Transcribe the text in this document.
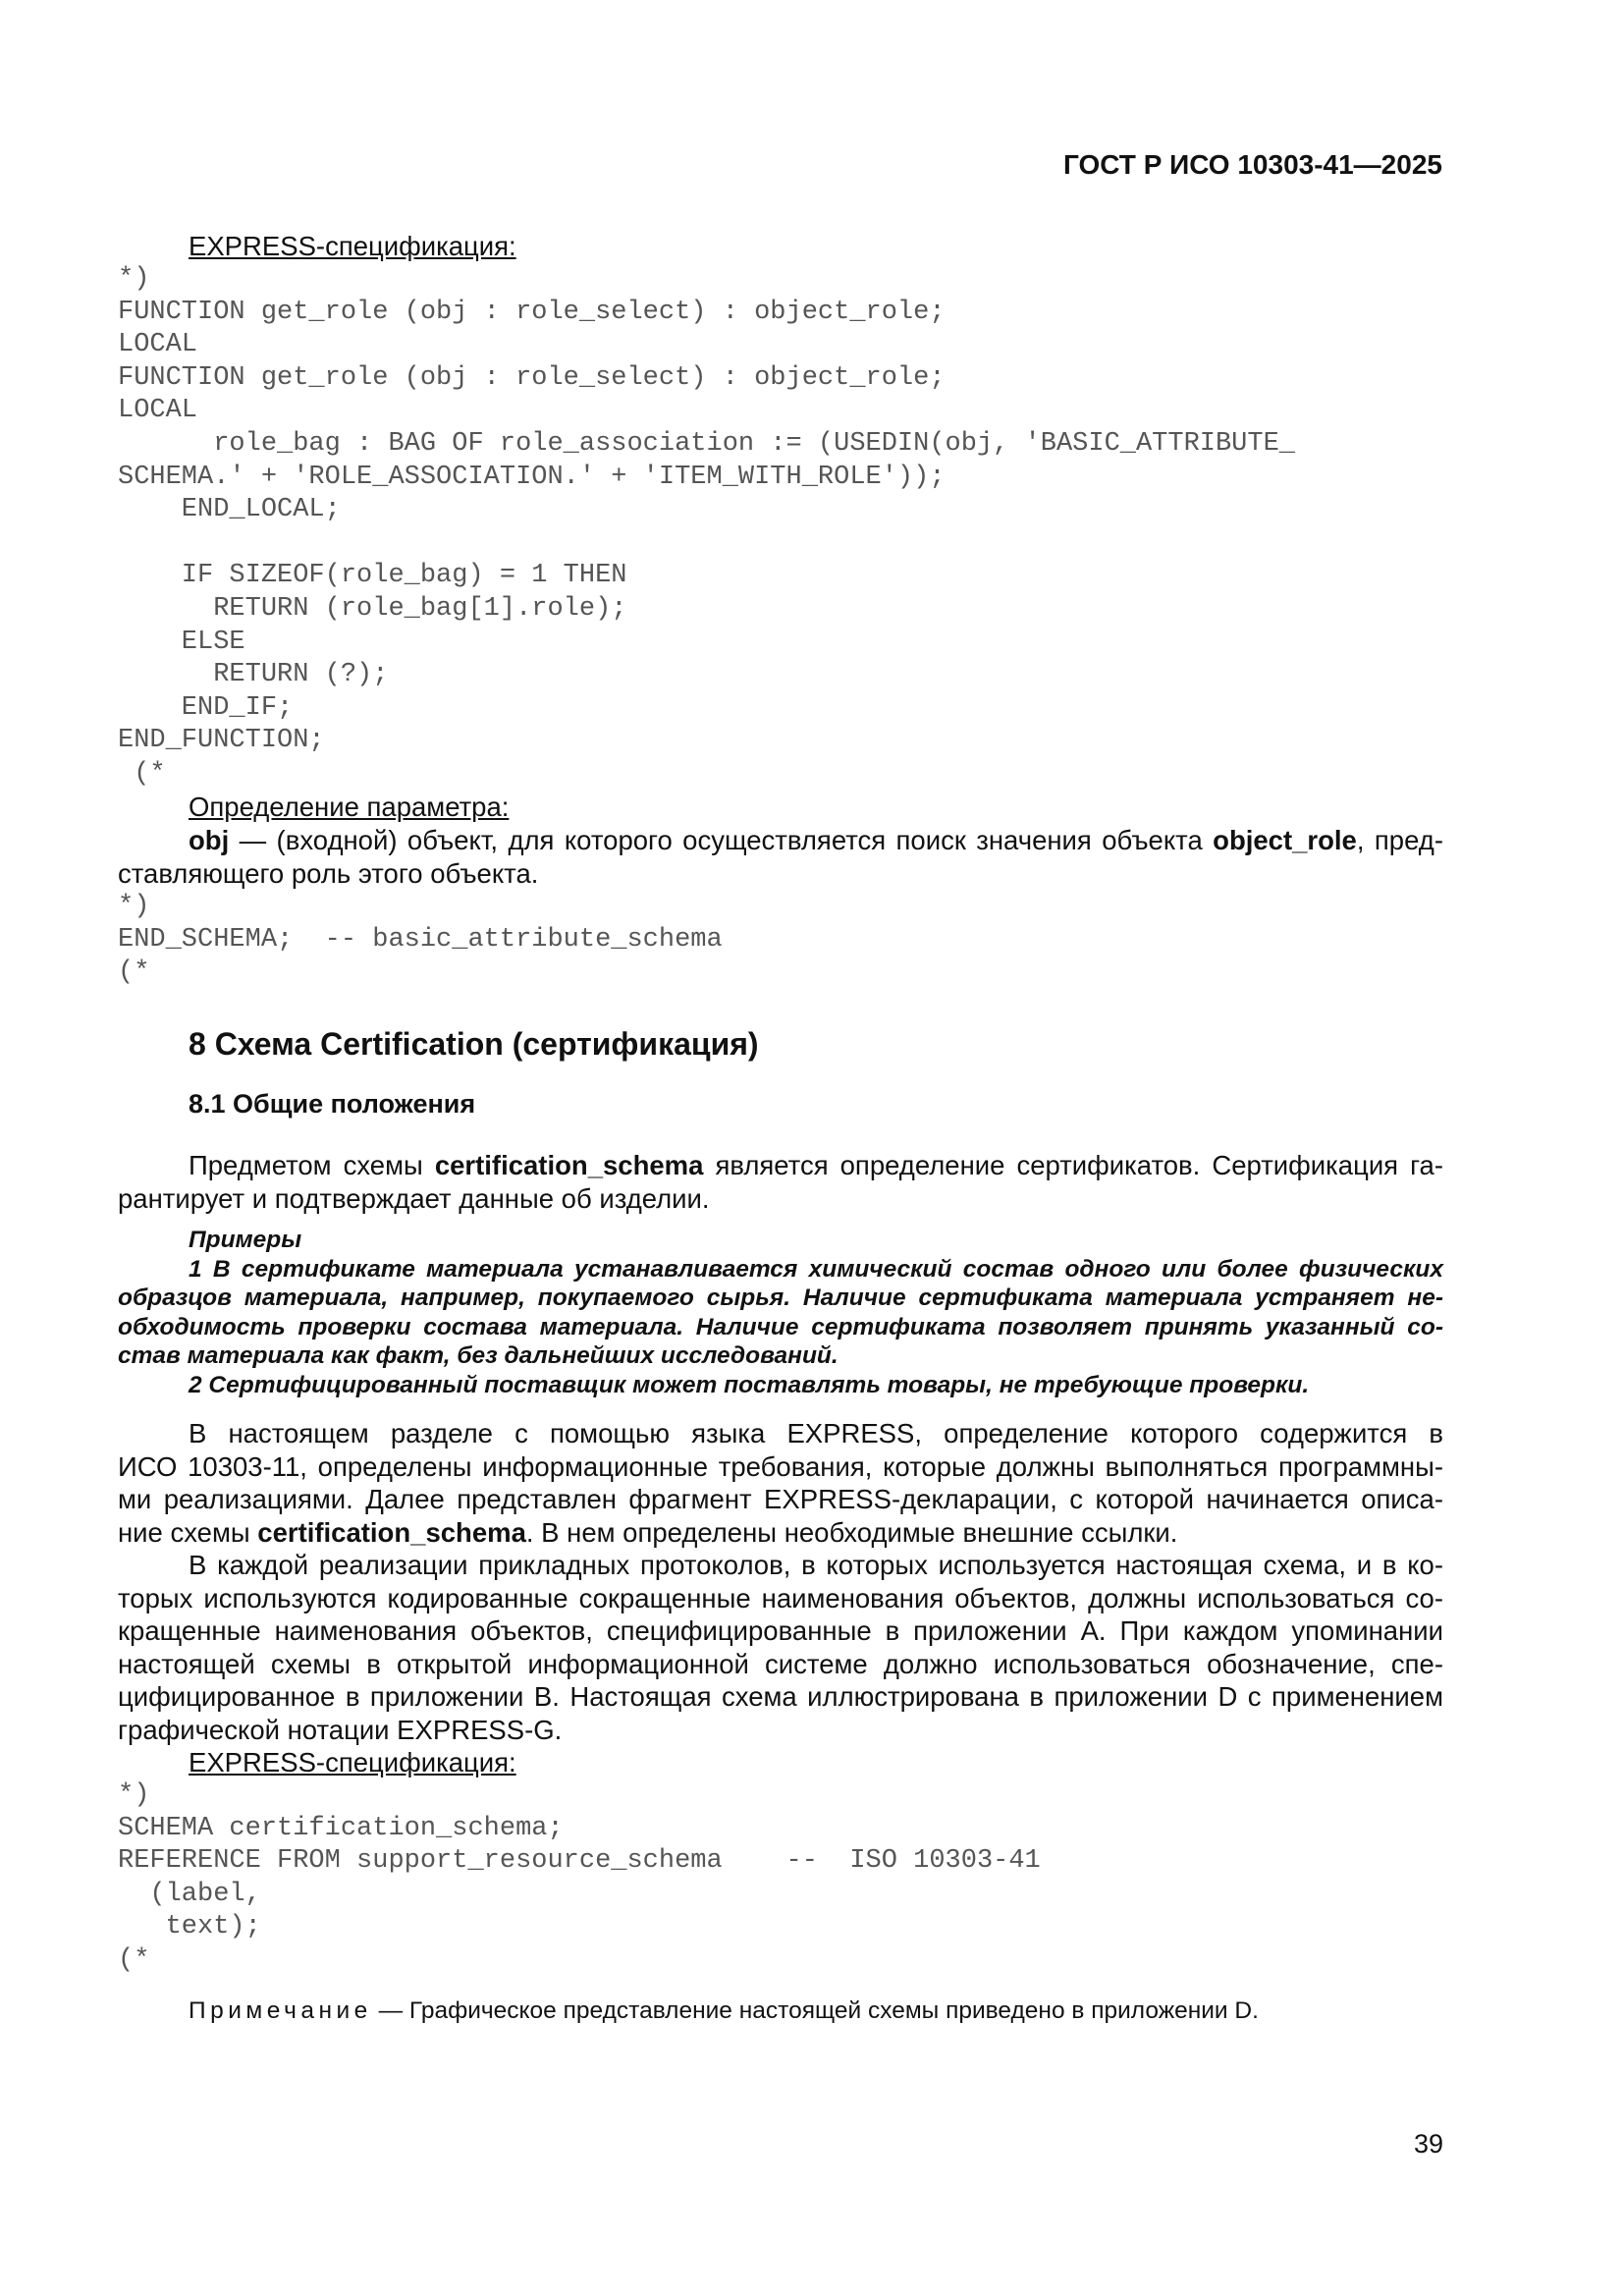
ГОСТ Р ИСО 10303-41—2025
EXPRESS-спецификация:
*)
FUNCTION get_role (obj : role_select) : object_role;
LOCAL
FUNCTION get_role (obj : role_select) : object_role;
LOCAL
role_bag : BAG OF role_association := (USEDIN(obj, 'BASIC_ATTRIBUTE_
SCHEMA.' + 'ROLE_ASSOCIATION.' + 'ITEM_WITH_ROLE'));
END_LOCAL;

IF SIZEOF(role_bag) = 1 THEN
RETURN (role_bag[1].role);
ELSE
RETURN (?);
END_IF;
END_FUNCTION;
(*
Определение параметра:
obj — (входной) объект, для которого осуществляется поиск значения объекта object_role, пред-
ставляющего роль этого объекта.
*)
END_SCHEMA;  -- basic_attribute_schema
(*
8 Схема Certification (сертификация)
8.1 Общие положения
Предметом схемы certification_schema является определение сертификатов. Сертификация га-
рантирует и подтверждает данные об изделии.
Примеры
1 В сертификате материала устанавливается химический состав одного или более физических
образцов материала, например, покупаемого сырья. Наличие сертификата материала устраняет не-
обходимость проверки состава материала. Наличие сертификата позволяет принять указанный со-
став материала как факт, без дальнейших исследований.
2 Сертифицированный поставщик может поставлять товары, не требующие проверки.
В настоящем разделе с помощью языка EXPRESS, определение которого содержится в
ИСО 10303-11, определены информационные требования, которые должны выполняться программны-
ми реализациями. Далее представлен фрагмент EXPRESS-декларации, с которой начинается описа-
ние схемы certification_schema. В нем определены необходимые внешние ссылки.
В каждой реализации прикладных протоколов, в которых используется настоящая схема, и в ко-
торых используются кодированные сокращенные наименования объектов, должны использоваться со-
кращенные наименования объектов, специфицированные в приложении А. При каждом упоминании
настоящей схемы в открытой информационной системе должно использоваться обозначение, спе-
цифицированное в приложении В. Настоящая схема иллюстрирована в приложении D с применением
графической нотации EXPRESS-G.
EXPRESS-спецификация:
*)
SCHEMA certification_schema;
REFERENCE FROM support_resource_schema    --  ISO 10303-41
(label,
text);
(*
Примечание — Графическое представление настоящей схемы приведено в приложении D.
39
